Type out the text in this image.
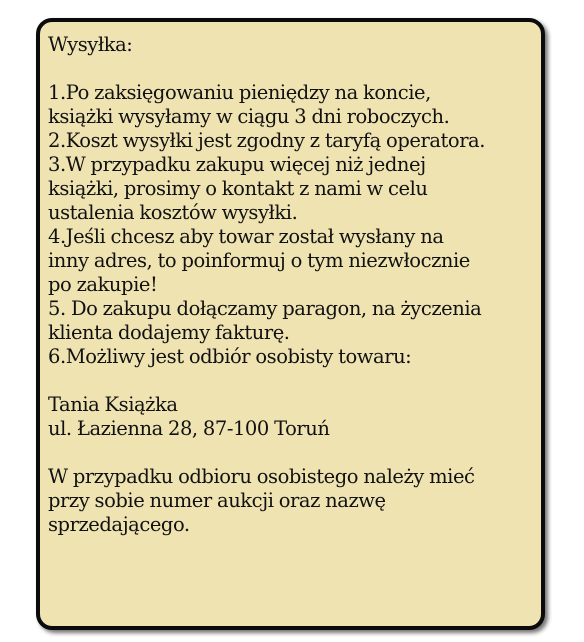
Wysyłka:
1.Po zaksięgowaniu pieniędzy na koncie,
książki wysyłamy w ciągu 3 dni roboczych.
2.Koszt wysyłki jest zgodny z taryfą operatora.
3.W przypadku zakupu więcej niż jednej
książki, prosimy o kontakt z nami w celu
ustalenia kosztów wysyłki.
4.Jeśli chcesz aby towar został wysłany na
inny adres, to poinformuj o tym niezwłocznie
po zakupie!
5. Do zakupu dołączamy paragon, na życzenia
klienta dodajemy fakturę.
6.Możliwy jest odbiór osobisty towaru:
Tania Książka
ul. Łazienna 28, 87-100 Toruń
W przypadku odbioru osobistego należy mieć
przy sobie numer aukcji oraz nazwę
sprzedającego.
